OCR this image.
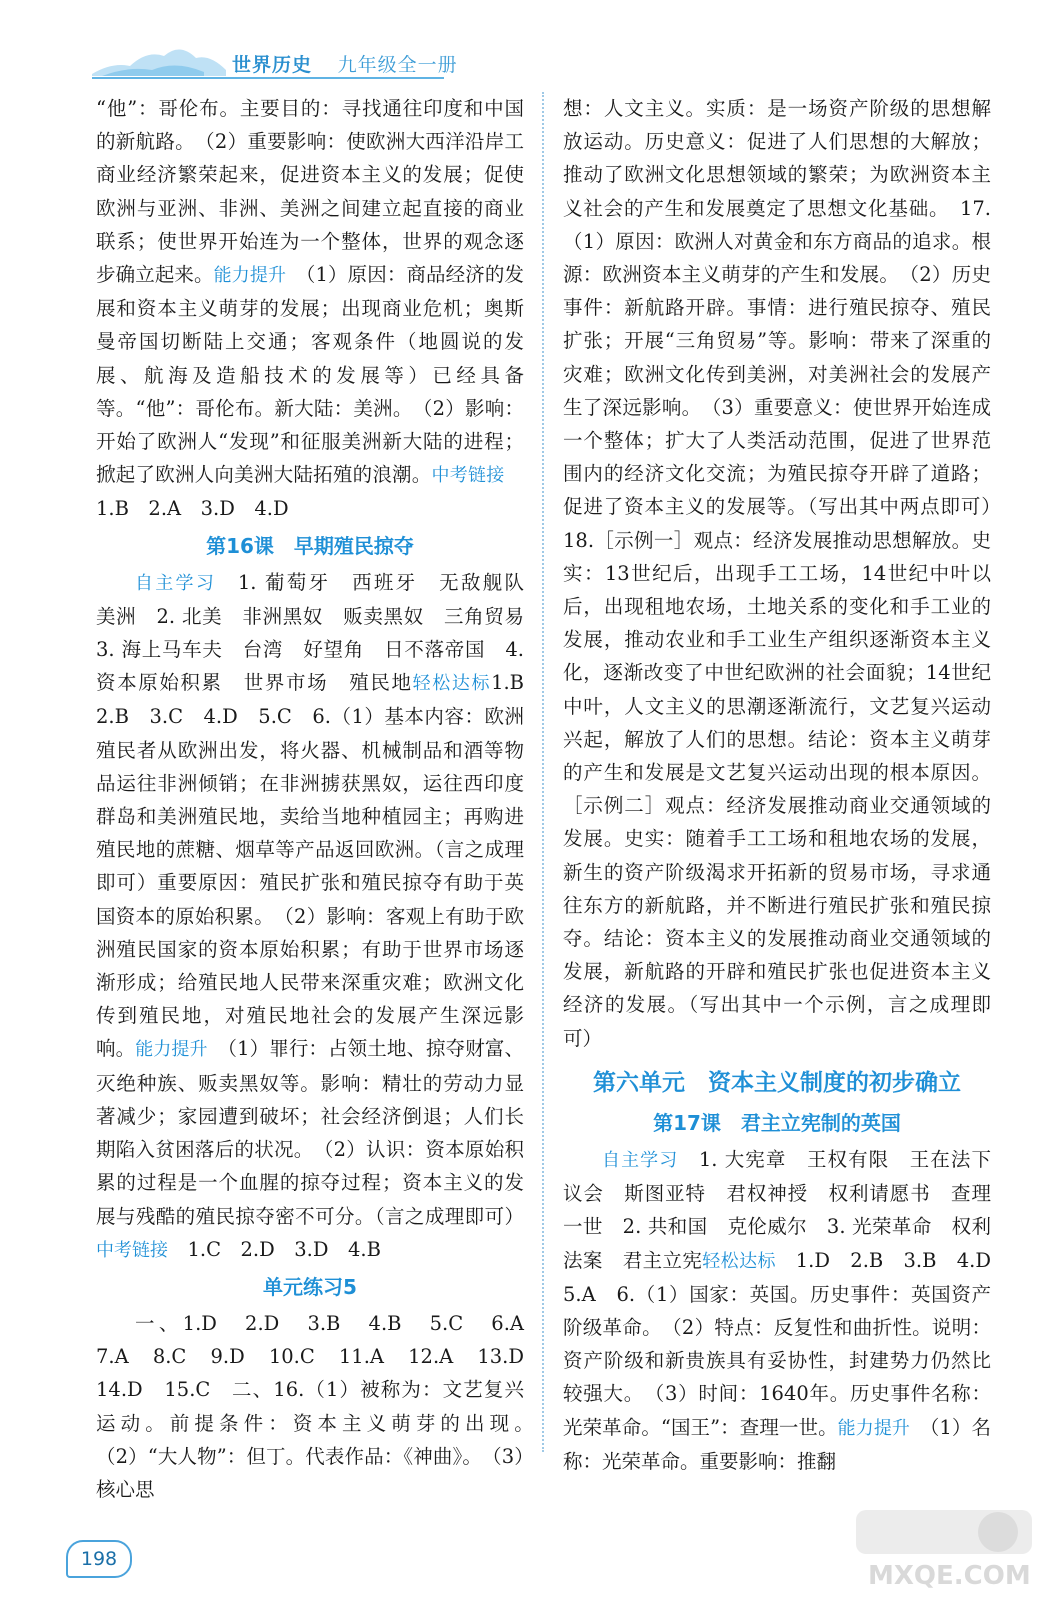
世界历史 九年级全一册

“他”：哥伦布。主要目的：寻找通往印度和中国的新航路。　（2）重要影响：使欧洲大西洋沿岸工商业经济繁荣起来，促进资本主义的发展；促使欧洲与亚洲、非洲、美洲之间建立起直接的商业联系；使世界开始连为一个整体，世界的观念逐步确立起来。能力提升　（1）原因：商品经济的发展和资本主义萌芽的发展；出现商业危机；奥斯曼帝国切断陆上交通；客观条件（地圆说的发展、航海及造船技术的发展等）已经具备等。“他”：哥伦布。新大陆：美洲。　（2）影响：开始了欧洲人“发现”和征服美洲新大陆的进程；掀起了欧洲人向美洲大陆拓殖的浪潮。中考链接　1.B　2.A　3.D　4.D

第16课　早期殖民掠夺

自主学习　1. 葡萄牙　西班牙　无敌舰队　美洲　2. 北美　非洲黑奴　贩卖黑奴　三角贸易　3. 海上马车夫　台湾　好望角　日不落帝国　4. 资本原始积累　世界市场　殖民地轻松达标1.B　2.B　3.C　4.D　5.C　6.（1）基本内容：欧洲殖民者从欧洲出发，将火器、机械制品和酒等物品运往非洲倾销；在非洲掳获黑奴，运往西印度群岛和美洲殖民地，卖给当地种植园主；再购进殖民地的蔗糖、烟草等产品返回欧洲。（言之成理即可）重要原因：殖民扩张和殖民掠夺有助于英国资本的原始积累。　（2）影响：客观上有助于欧洲殖民国家的资本原始积累；有助于世界市场逐渐形成；给殖民地人民带来深重灾难；欧洲文化传到殖民地，对殖民地社会的发展产生深远影响。能力提升　（1）罪行：占领土地、掠夺财富、灭绝种族、贩卖黑奴等。影响：精壮的劳动力显著减少；家园遭到破坏；社会经济倒退；人们长期陷入贫困落后的状况。　（2）认识：资本原始积累的过程是一个血腥的掠夺过程；资本主义的发展与残酷的殖民掠夺密不可分。（言之成理即可）中考链接　1.C　2.D　3.D　4.B

单元练习5

一、1.D　2.D　3.B　4.B　5.C　6.A　7.A　8.C　9.D　10.C　11.A　12.A　13.D　14.D　15.C　二、16.（1）被称为：文艺复兴运动。前提条件：资本主义萌芽的出现。　（2）“大人物”：但丁。代表作品：《神曲》。　（3）核心思

想：人文主义。实质：是一场资产阶级的思想解放运动。历史意义：促进了人们思想的大解放；推动了欧洲文化思想领域的繁荣；为欧洲资本主义社会的产生和发展奠定了思想文化基础。　17.（1）原因：欧洲人对黄金和东方商品的追求。根源：欧洲资本主义萌芽的产生和发展。　（2）历史事件：新航路开辟。事情：进行殖民掠夺、殖民扩张；开展“三角贸易”等。影响：带来了深重的灾难；欧洲文化传到美洲，对美洲社会的发展产生了深远影响。　（3）重要意义：使世界开始连成一个整体；扩大了人类活动范围，促进了世界范围内的经济文化交流；为殖民掠夺开辟了道路；促进了资本主义的发展等。（写出其中两点即可）　18.［示例一］观点：经济发展推动思想解放。史实：13世纪后，出现手工工场，14世纪中叶以后，出现租地农场，土地关系的变化和手工业的发展，推动农业和手工业生产组织逐渐资本主义化，逐渐改变了中世纪欧洲的社会面貌；14世纪中叶，人文主义的思潮逐渐流行，文艺复兴运动兴起，解放了人们的思想。结论：资本主义萌芽的产生和发展是文艺复兴运动出现的根本原因。［示例二］观点：经济发展推动商业交通领域的发展。史实：随着手工工场和租地农场的发展，新生的资产阶级渴求开拓新的贸易市场，寻求通往东方的新航路，并不断进行殖民扩张和殖民掠夺。结论：资本主义的发展推动商业交通领域的发展，新航路的开辟和殖民扩张也促进资本主义经济的发展。（写出其中一个示例，言之成理即可）

第六单元　资本主义制度的初步确立
第17课　君主立宪制的英国

自主学习　1. 大宪章　王权有限　王在法下　议会　斯图亚特　君权神授　权利请愿书　查理一世　2. 共和国　克伦威尔　3. 光荣革命　权利法案　君主立宪轻松达标　1.D　2.B　3.B　4.D　5.A　6.（1）国家：英国。历史事件：英国资产阶级革命。　（2）特点：反复性和曲折性。说明：资产阶级和新贵族具有妥协性，封建势力仍然比较强大。　（3）时间：1640年。历史事件名称：光荣革命。“国王”：查理一世。能力提升　（1）名称：光荣革命。重要影响：推翻

198
MXQE.COM
